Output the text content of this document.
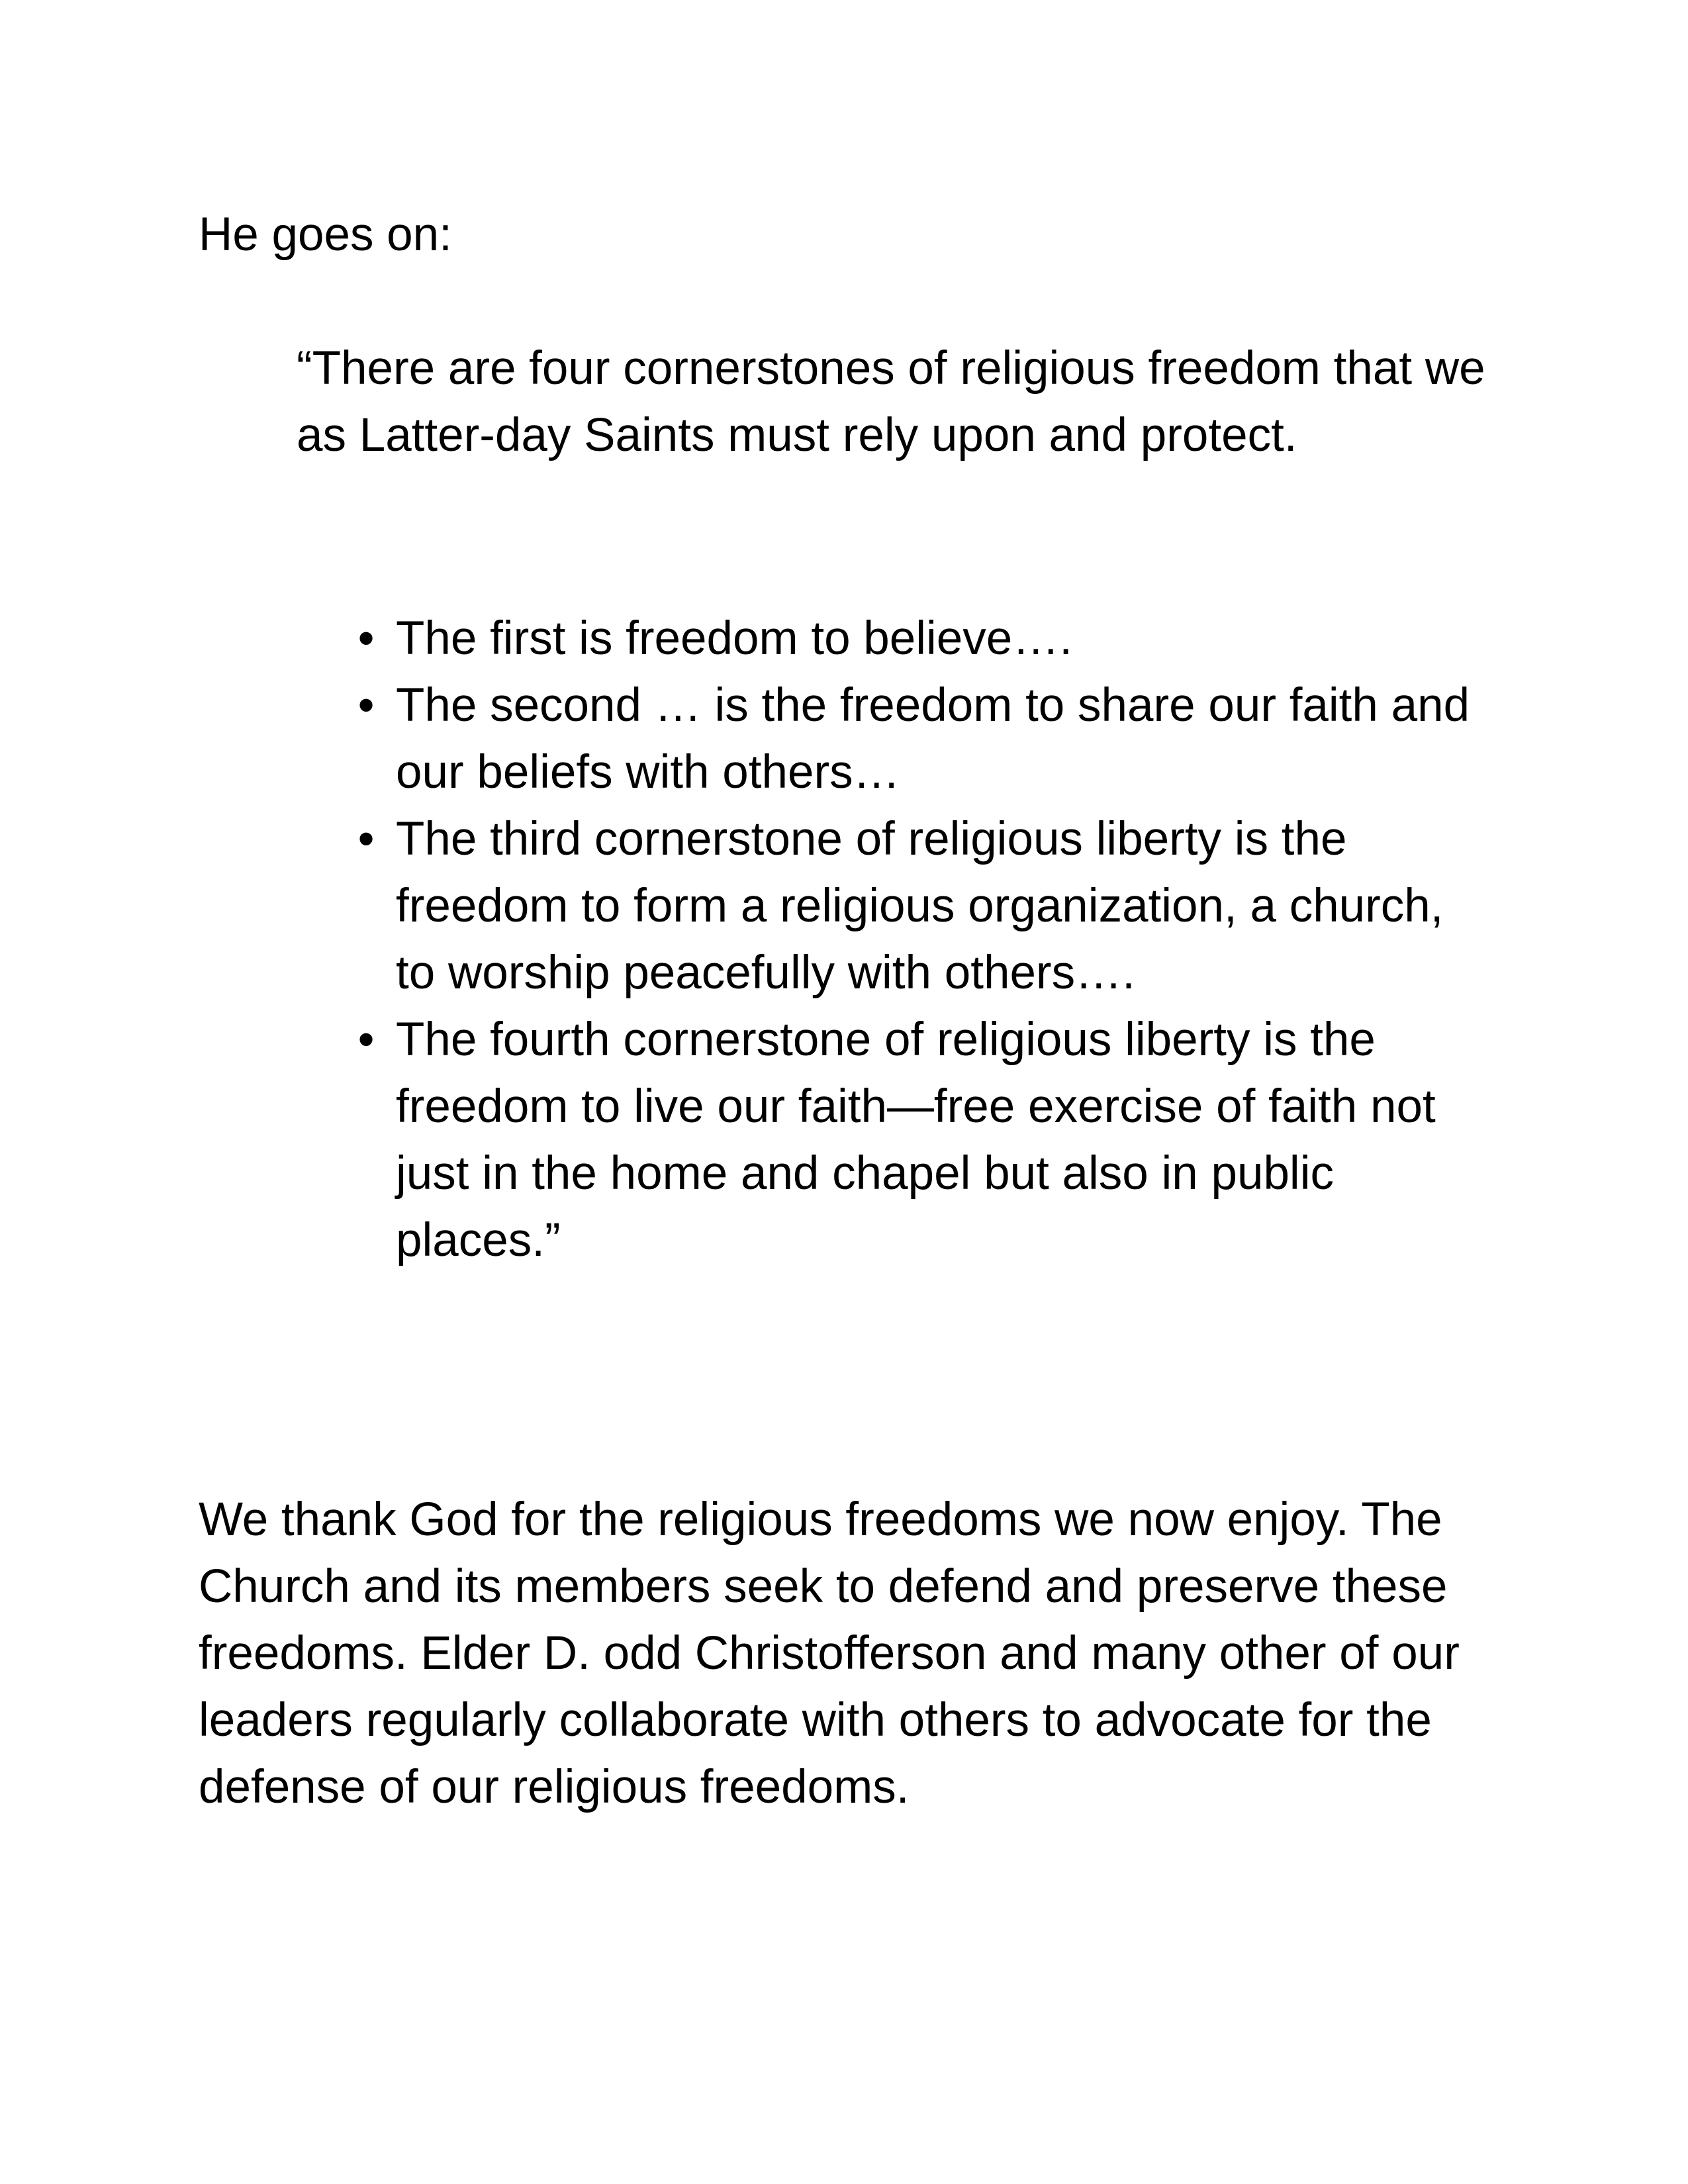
He goes on:

“There are four cornerstones of religious freedom that we as Latter-day Saints must rely upon and protect.

• The first is freedom to believe….
• The second … is the freedom to share our faith and our beliefs with others…
• The third cornerstone of religious liberty is the freedom to form a religious organization, a church, to worship peacefully with others….
• The fourth cornerstone of religious liberty is the freedom to live our faith—free exercise of faith not just in the home and chapel but also in public places.”

We thank God for the religious freedoms we now enjoy. The Church and its members seek to defend and preserve these freedoms. Elder D. odd Christofferson and many other of our leaders regularly collaborate with others to advocate for the defense of our religious freedoms.
